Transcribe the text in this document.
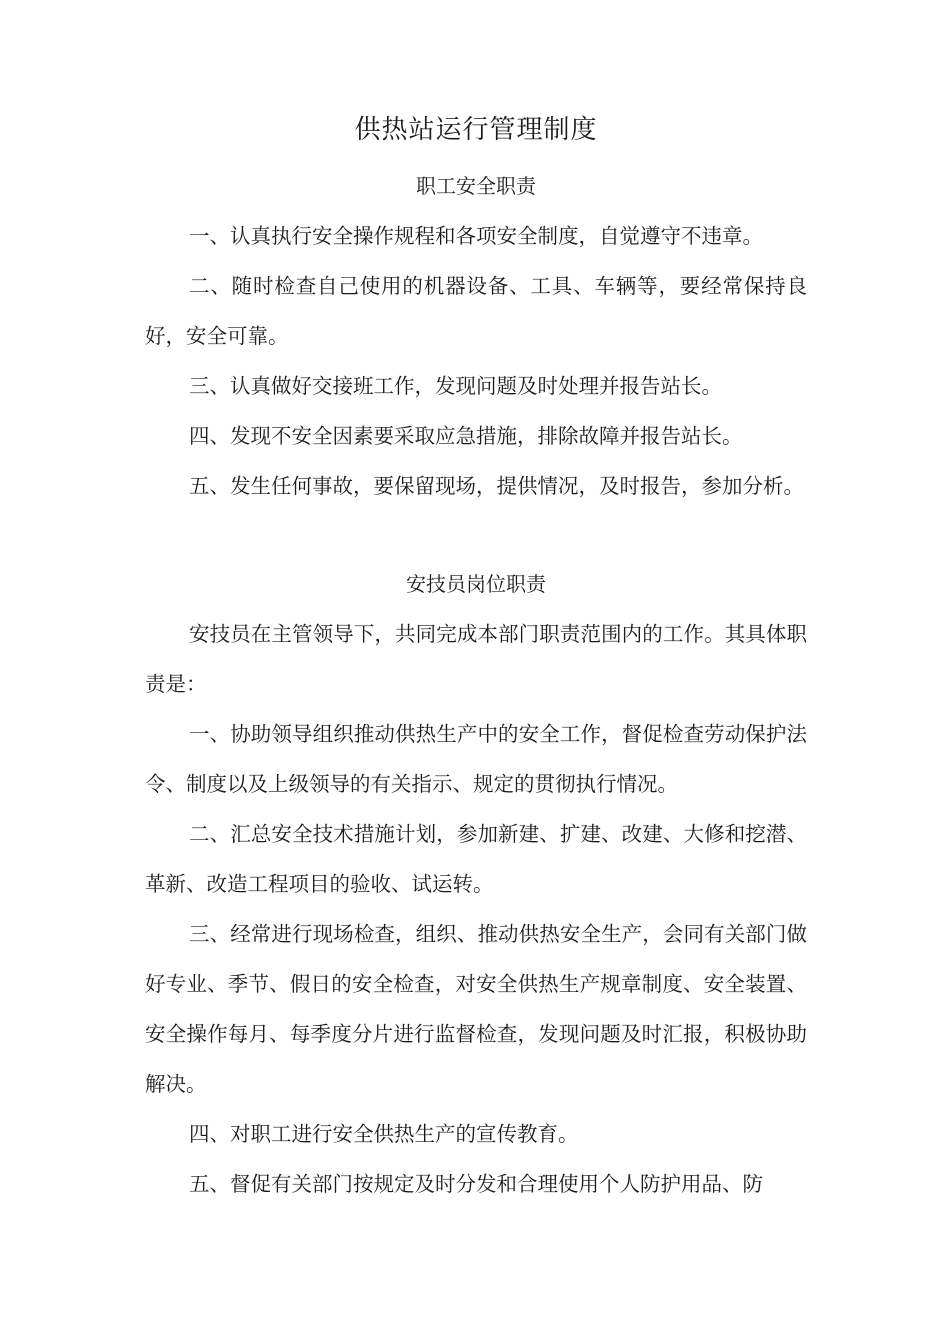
供热站运行管理制度
职工安全职责

一、认真执行安全操作规程和各项安全制度，自觉遵守不违章。

二、随时检查自己使用的机器设备、工具、车辆等，要经常保持良好，安全可靠。

三、认真做好交接班工作，发现问题及时处理并报告站长。

四、发现不安全因素要采取应急措施，排除故障并报告站长。

五、发生任何事故，要保留现场，提供情况，及时报告，参加分析。

安技员岗位职责

安技员在主管领导下，共同完成本部门职责范围内的工作。其具体职责是：

一、协助领导组织推动供热生产中的安全工作，督促检查劳动保护法令、制度以及上级领导的有关指示、规定的贯彻执行情况。

二、汇总安全技术措施计划，参加新建、扩建、改建、大修和挖潜、革新、改造工程项目的验收、试运转。

三、经常进行现场检查，组织、推动供热安全生产，会同有关部门做好专业、季节、假日的安全检查，对安全供热生产规章制度、安全装置、安全操作每月、每季度分片进行监督检查，发现问题及时汇报，积极协助解决。

四、对职工进行安全供热生产的宣传教育。

五、督促有关部门按规定及时分发和合理使用个人防护用品、防
